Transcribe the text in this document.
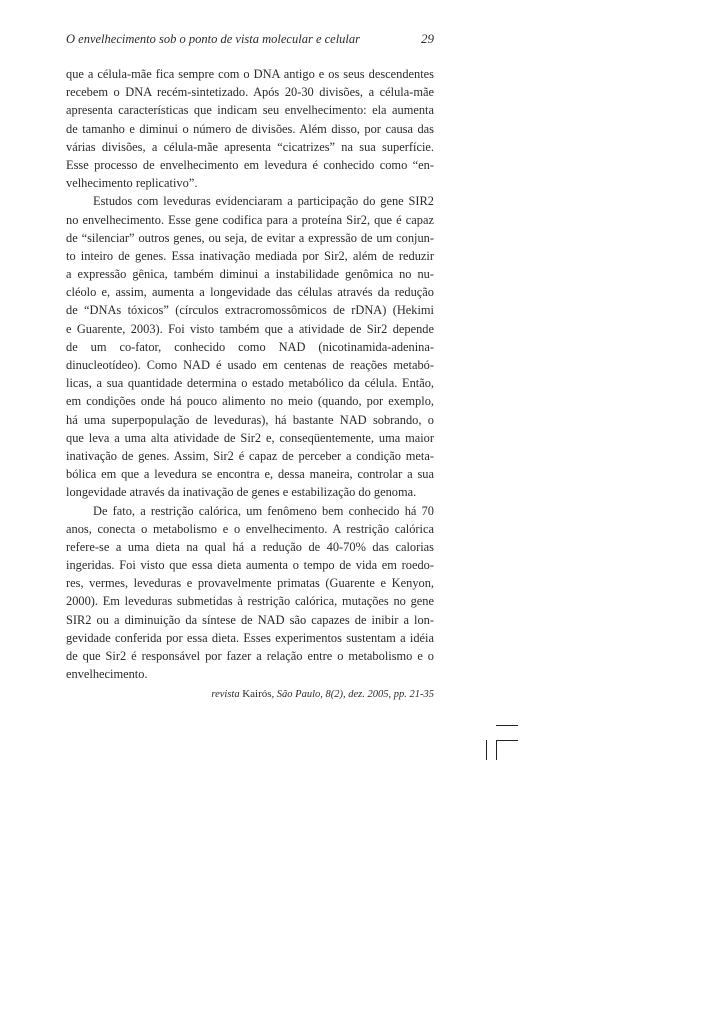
O envelhecimento sob o ponto de vista molecular e celular	29
que a célula-mãe fica sempre com o DNA antigo e os seus descendentes
recebem o DNA recém-sintetizado. Após 20-30 divisões, a célula-mãe
apresenta características que indicam seu envelhecimento: ela aumenta
de tamanho e diminui o número de divisões. Além disso, por causa das
várias divisões, a célula-mãe apresenta “cicatrizes” na sua superfície.
Esse processo de envelhecimento em levedura é conhecido como “en-
velhecimento replicativo”.
Estudos com leveduras evidenciaram a participação do gene SIR2
no envelhecimento. Esse gene codifica para a proteína Sir2, que é capaz
de “silenciar” outros genes, ou seja, de evitar a expressão de um conjun-
to inteiro de genes. Essa inativação mediada por Sir2, além de reduzir
a expressão gênica, também diminui a instabilidade genômica no nu-
cléolo e, assim, aumenta a longevidade das células através da redução
de “DNAs tóxicos” (círculos extracromossômicos de rDNA) (Hekimi
e Guarente, 2003). Foi visto também que a atividade de Sir2 depende
de um co-fator, conhecido como NAD (nicotinamida-adenina-
dinucleotídeo). Como NAD é usado em centenas de reações metabó-
licas, a sua quantidade determina o estado metabólico da célula. Então,
em condições onde há pouco alimento no meio (quando, por exemplo,
há uma superpopulação de leveduras), há bastante NAD sobrando, o
que leva a uma alta atividade de Sir2 e, conseqüentemente, uma maior
inativação de genes. Assim, Sir2 é capaz de perceber a condição meta-
bólica em que a levedura se encontra e, dessa maneira, controlar a sua
longevidade através da inativação de genes e estabilização do genoma.
De fato, a restrição calórica, um fenômeno bem conhecido há 70
anos, conecta o metabolismo e o envelhecimento. A restrição calórica
refere-se a uma dieta na qual há a redução de 40-70% das calorias
ingeridas. Foi visto que essa dieta aumenta o tempo de vida em roedo-
res, vermes, leveduras e provavelmente primatas (Guarente e Kenyon,
2000). Em leveduras submetidas à restrição calórica, mutações no gene
SIR2 ou a diminuição da síntese de NAD são capazes de inibir a lon-
gevidade conferida por essa dieta. Esses experimentos sustentam a idéia
de que Sir2 é responsável por fazer a relação entre o metabolismo e o
envelhecimento.
revista Kairós, São Paulo, 8(2), dez. 2005, pp. 21-35
